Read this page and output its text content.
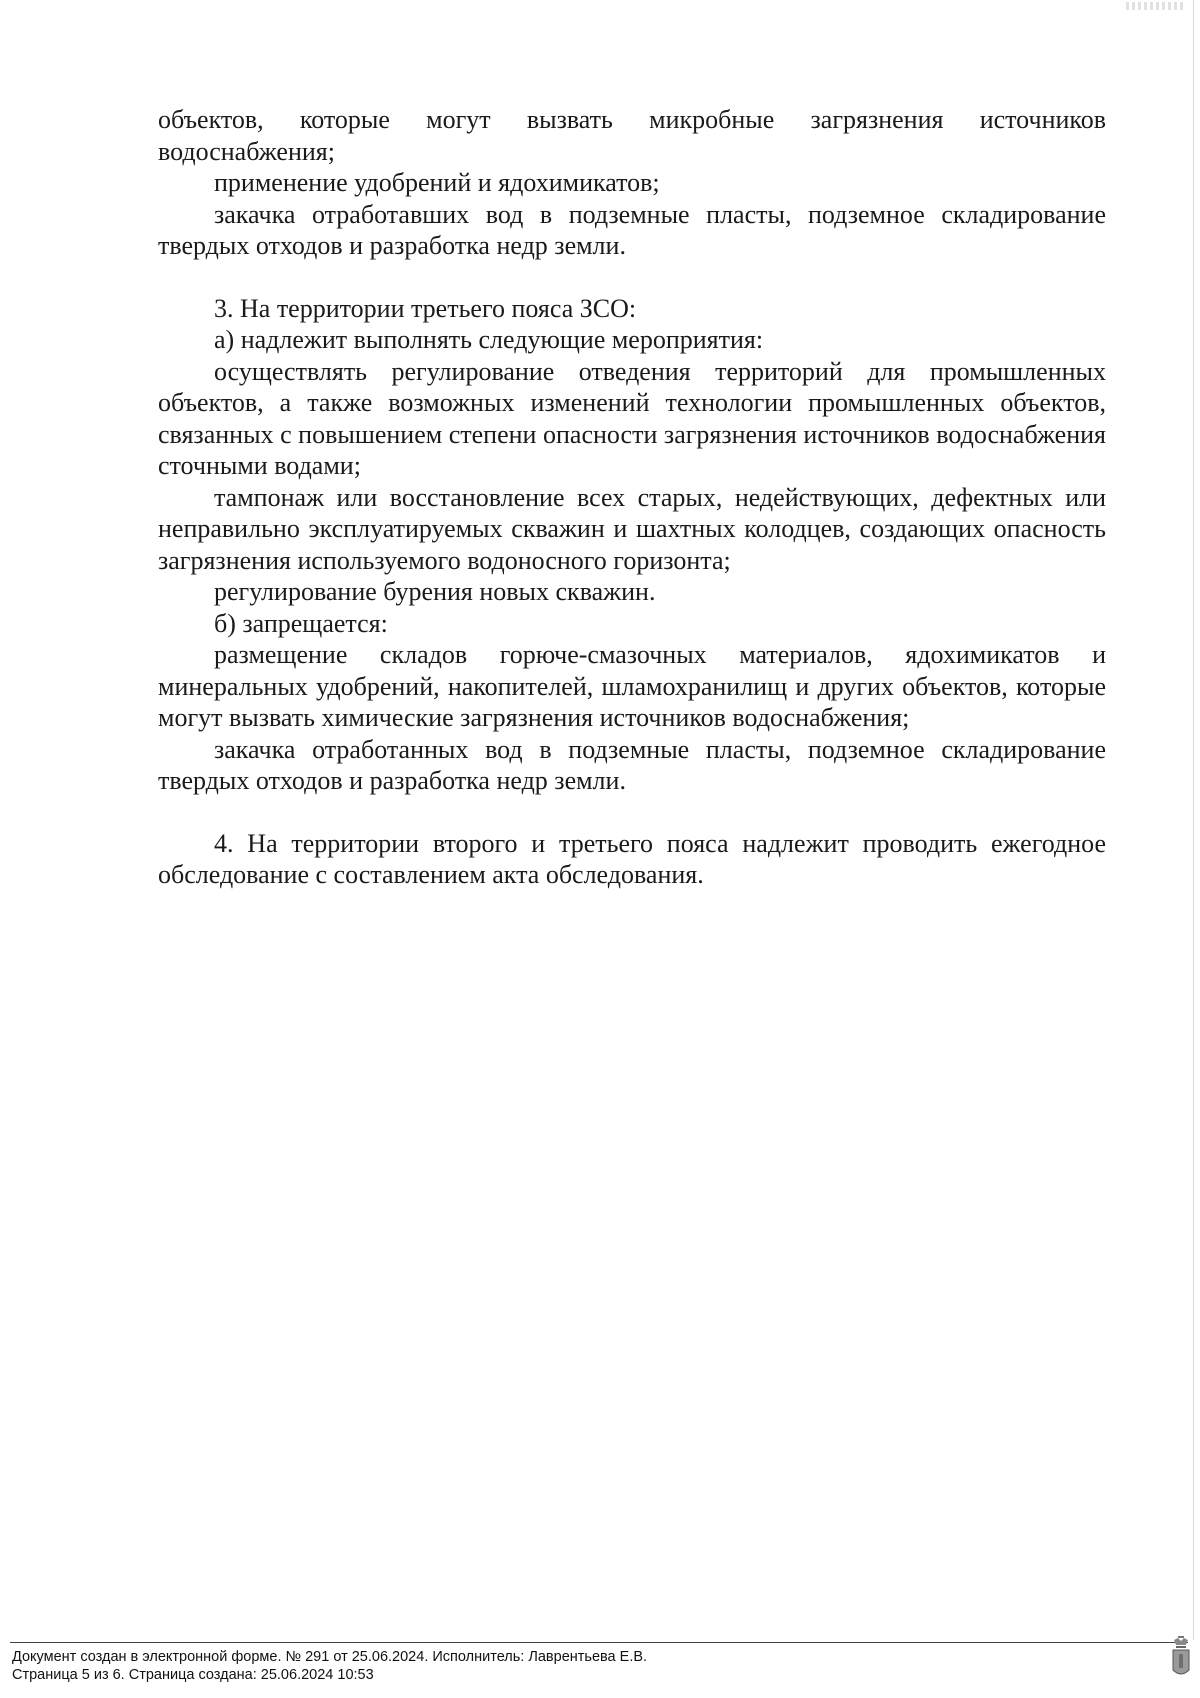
объектов, которые могут вызвать микробные загрязнения источников водоснабжения;

применение удобрений и ядохимикатов;

закачка отработавших вод в подземные пласты, подземное складирование твердых отходов и разработка недр земли.

3. На территории третьего пояса ЗСО:

а) надлежит выполнять следующие мероприятия:

осуществлять регулирование отведения территорий для промышленных объектов, а также возможных изменений технологии промышленных объектов, связанных с повышением степени опасности загрязнения источников водоснабжения сточными водами;

тампонаж или восстановление всех старых, недействующих, дефектных или неправильно эксплуатируемых скважин и шахтных колодцев, создающих опасность загрязнения используемого водоносного горизонта;

регулирование бурения новых скважин.

б) запрещается:

размещение складов горюче-смазочных материалов, ядохимикатов и минеральных удобрений, накопителей, шламохранилищ и других объектов, которые могут вызвать химические загрязнения источников водоснабжения;

закачка отработанных вод в подземные пласты, подземное складирование твердых отходов и разработка недр земли.

4. На территории второго и третьего пояса надлежит проводить ежегодное обследование с составлением акта обследования.

Документ создан в электронной форме. № 291 от 25.06.2024. Исполнитель: Лаврентьева Е.В.

Страница 5 из 6. Страница создана: 25.06.2024 10:53
